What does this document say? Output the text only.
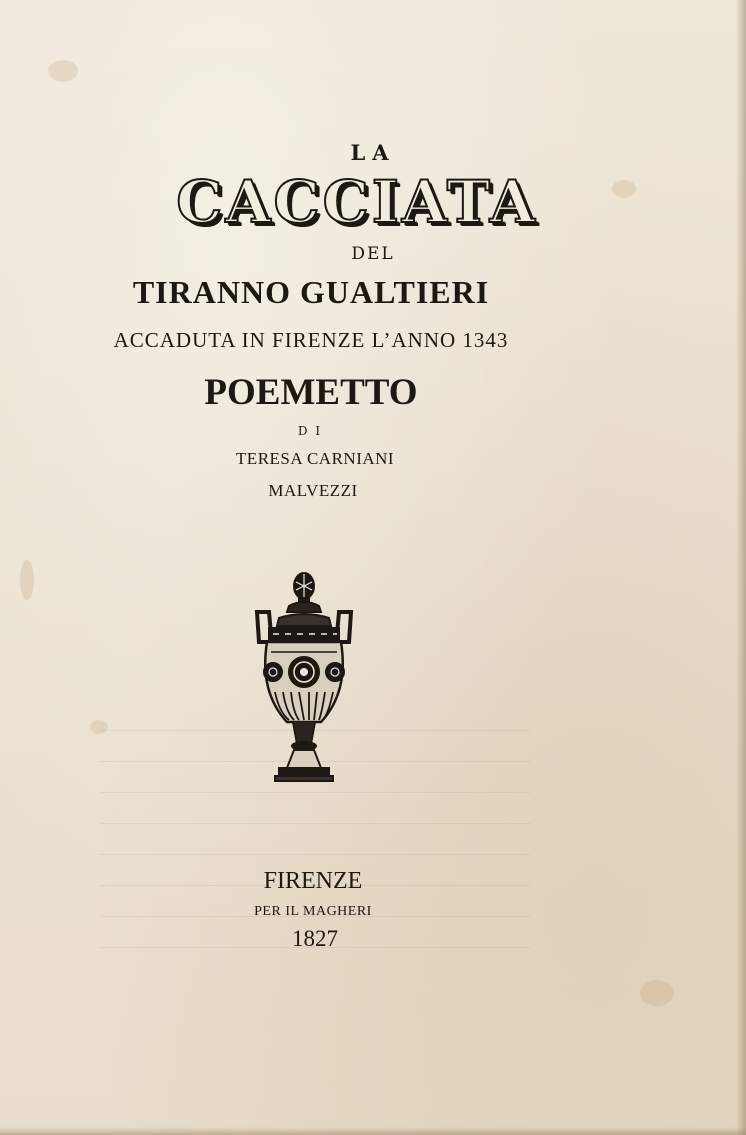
LA
CACCIATA
DEL
TIRANNO GUALTIERI
ACCADUTA IN FIRENZE L’ANNO 1343
POEMETTO
DI
TERESA CARNIANI
MALVEZZI
FIRENZE
PER IL MAGHERI
1827
